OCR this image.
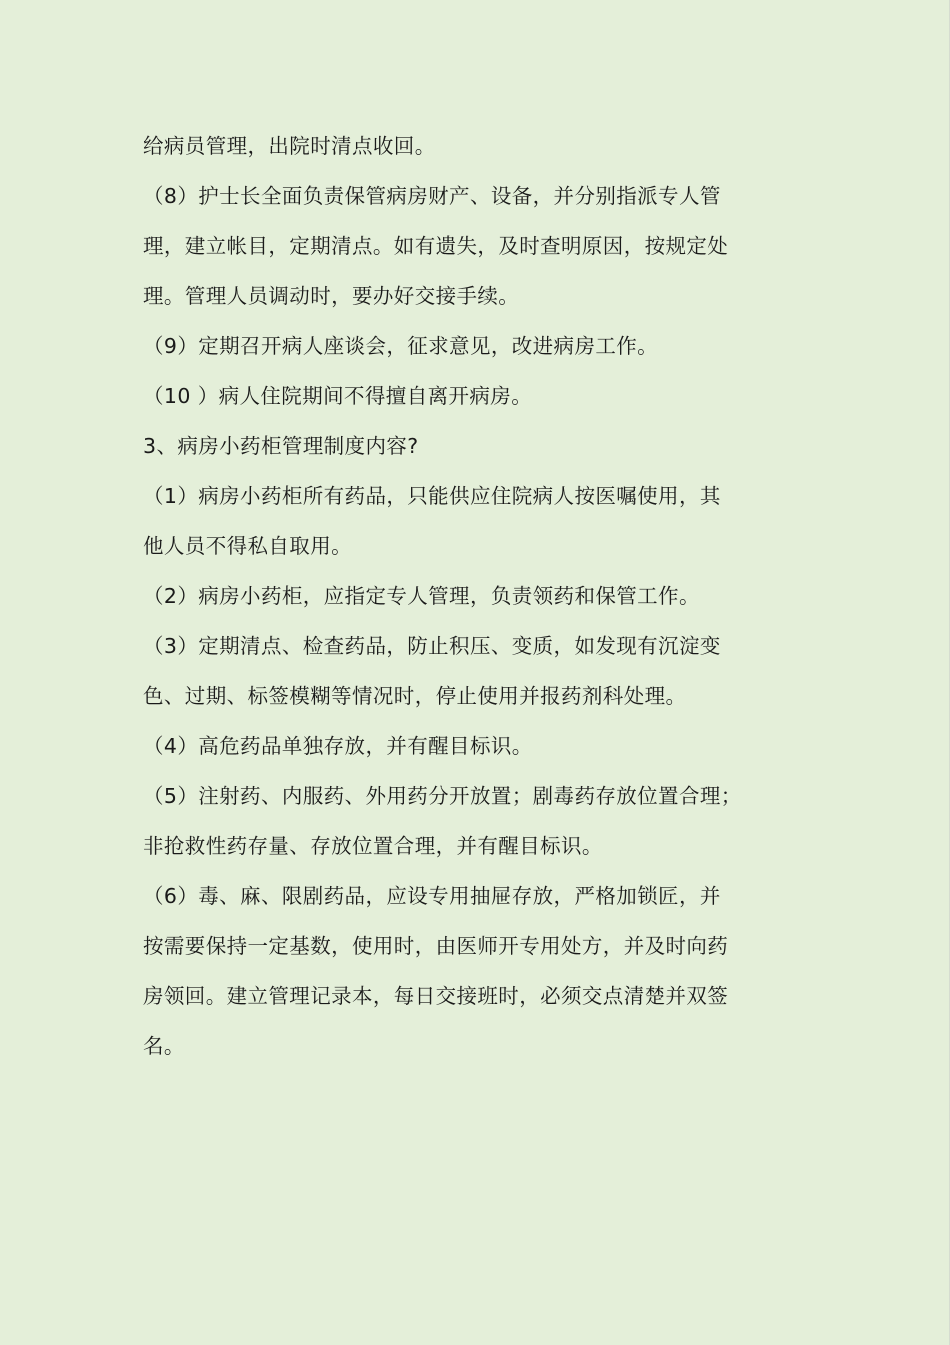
给病员管理，出院时清点收回。
（8）护士长全面负责保管病房财产、设备，并分别指派专人管
理，建立帐目，定期清点。如有遗失，及时查明原因，按规定处
理。管理人员调动时，要办好交接手续。
（9）定期召开病人座谈会，征求意见，改进病房工作。
（10 ）病人住院期间不得擅自离开病房。
3、病房小药柜管理制度内容?
（1）病房小药柜所有药品，只能供应住院病人按医嘱使用，其
他人员不得私自取用。
（2）病房小药柜，应指定专人管理，负责领药和保管工作。
（3）定期清点、检查药品，防止积压、变质，如发现有沉淀变
色、过期、标签模糊等情况时，停止使用并报药剂科处理。
（4）高危药品单独存放，并有醒目标识。
（5）注射药、内服药、外用药分开放置；剧毒药存放位置合理；
非抢救性药存量、存放位置合理，并有醒目标识。
（6）毒、麻、限剧药品，应设专用抽屉存放，严格加锁匠，并
按需要保持一定基数，使用时，由医师开专用处方，并及时向药
房领回。建立管理记录本，每日交接班时，必须交点清楚并双签
名。
